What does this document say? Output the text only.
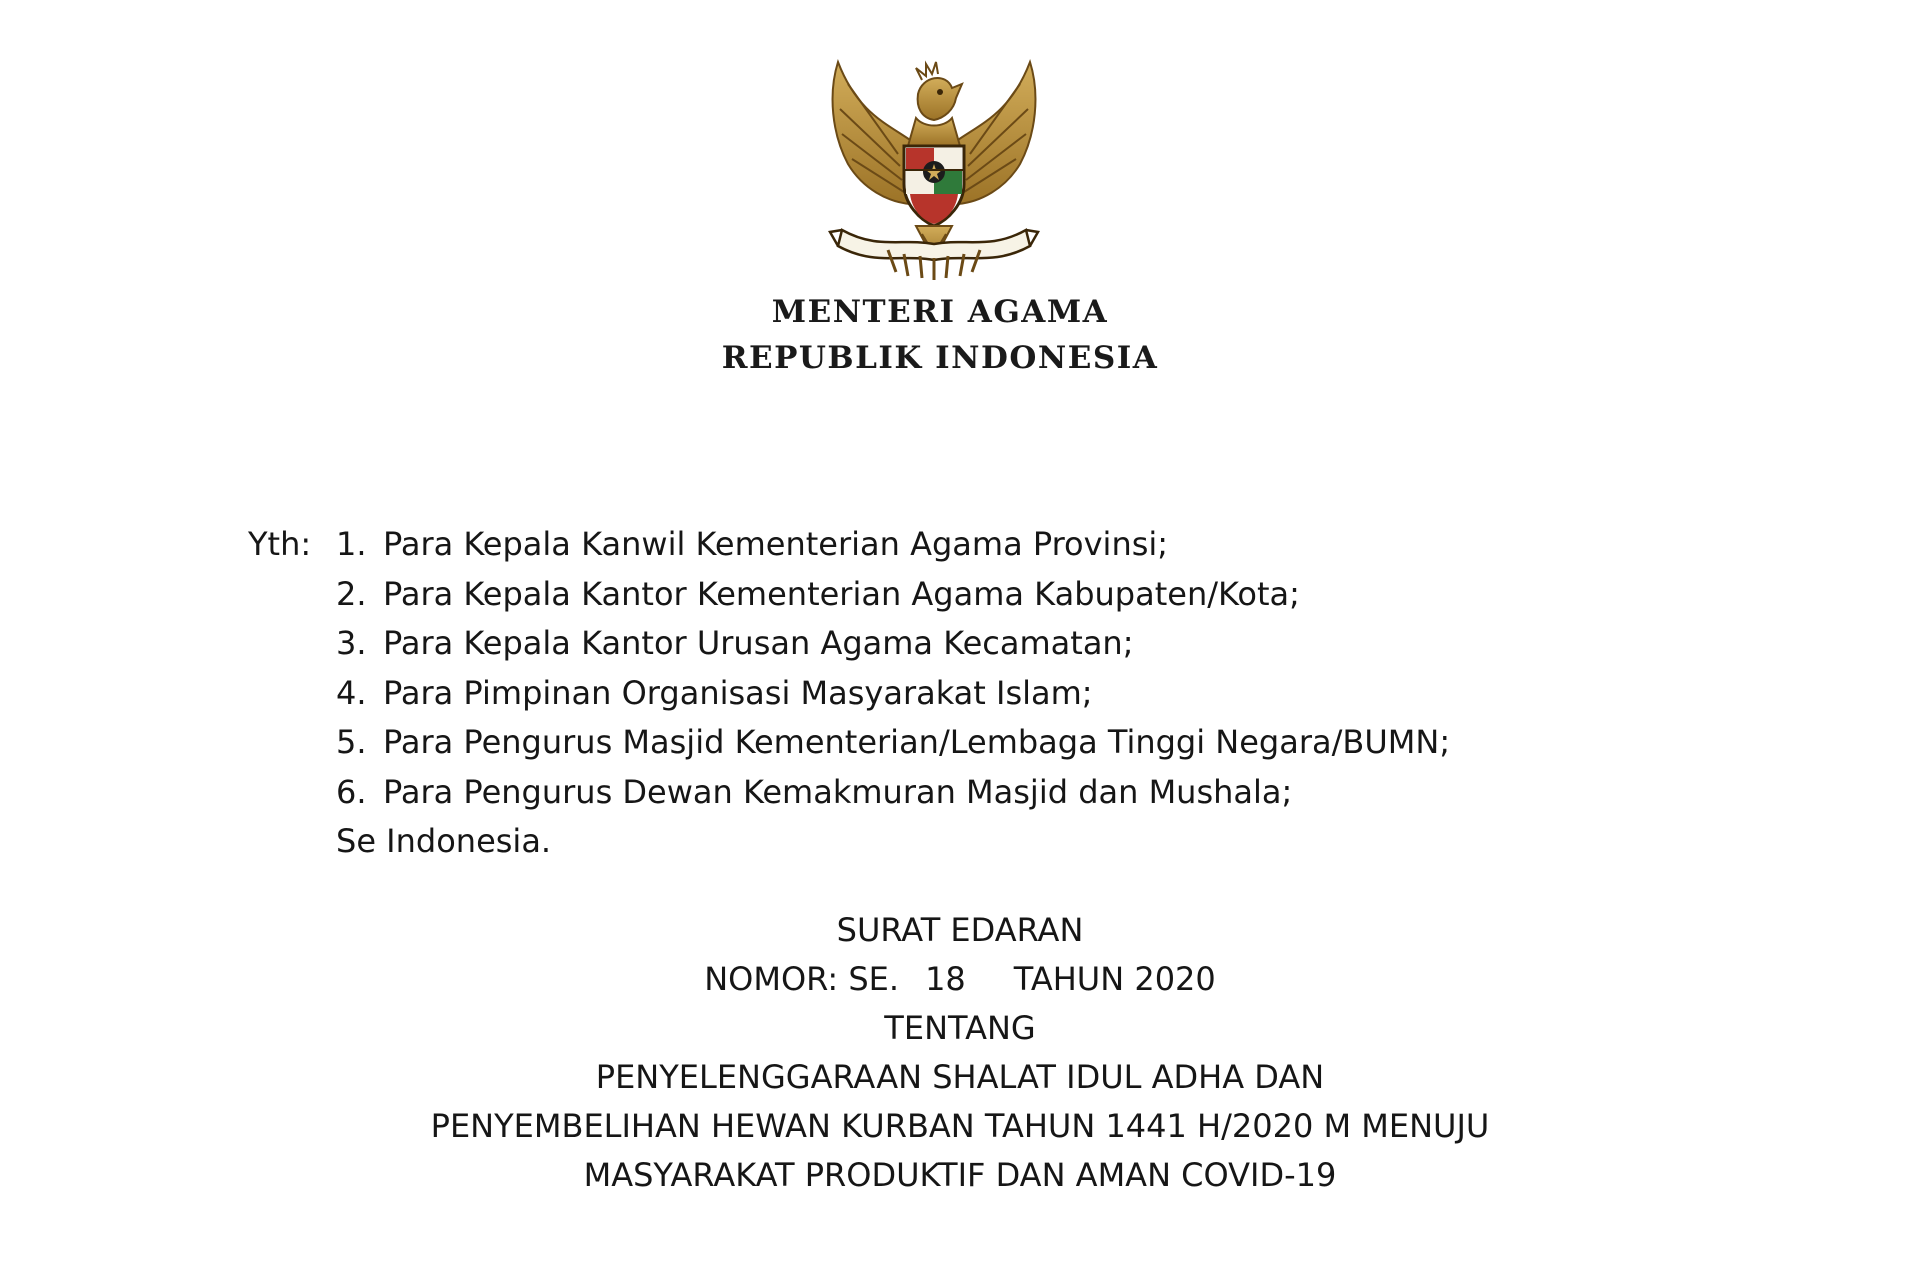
MENTERI AGAMA
REPUBLIK INDONESIA
Yth: 1. Para Kepala Kanwil Kementerian Agama Provinsi;
2. Para Kepala Kantor Kementerian Agama Kabupaten/Kota;
3. Para Kepala Kantor Urusan Agama Kecamatan;
4. Para Pimpinan Organisasi Masyarakat Islam;
5. Para Pengurus Masjid Kementerian/Lembaga Tinggi Negara/BUMN;
6. Para Pengurus Dewan Kemakmuran Masjid dan Mushala;
Se Indonesia.
SURAT EDARAN
NOMOR: SE. 18 TAHUN 2020
TENTANG
PENYELENGGARAAN SHALAT IDUL ADHA DAN
PENYEMBELIHAN HEWAN KURBAN TAHUN 1441 H/2020 M MENUJU
MASYARAKAT PRODUKTIF DAN AMAN COVID-19
